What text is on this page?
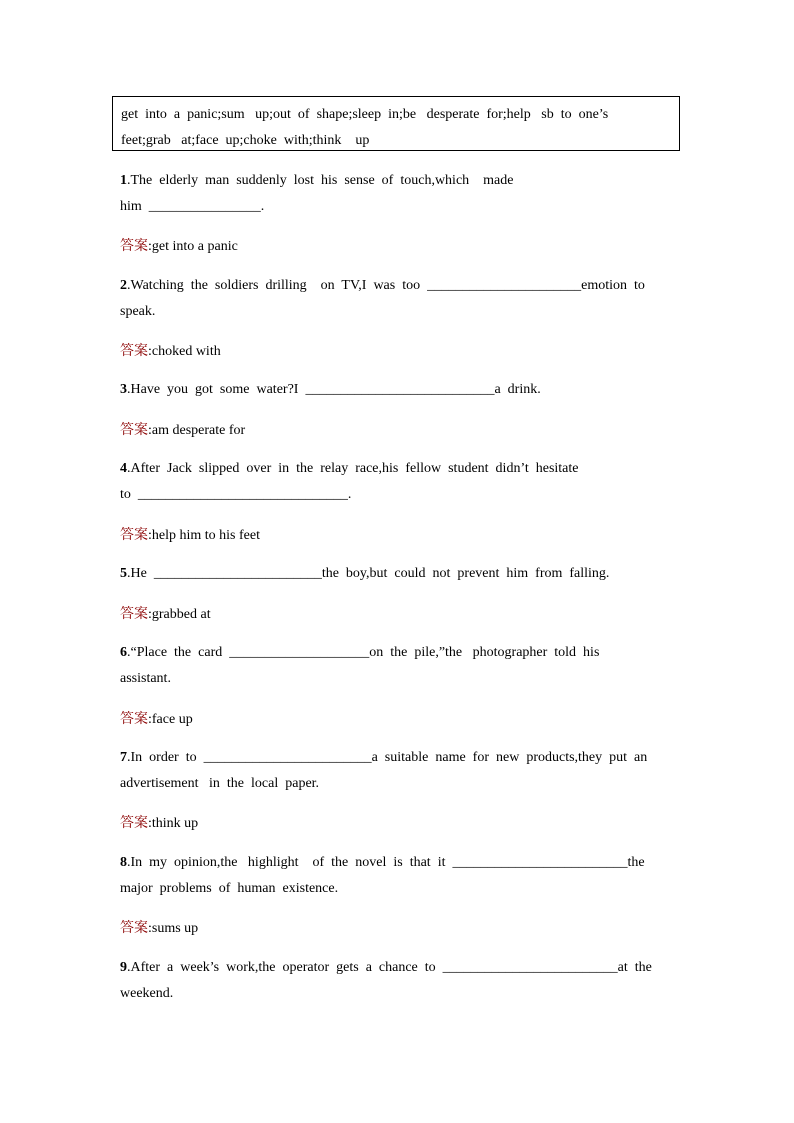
get  into  a  panic;sum   up;out  of  shape;sleep  in;be   desperate  for;help   sb  to  one’s
feet;grab   at;face  up;choke  with;think    up
1.The  elderly  man  suddenly  lost  his  sense  of  touch,which    made
him  ________________.
答案:get into a panic
2.Watching  the  soldiers  drilling    on  TV,I  was  too  ______________________emotion  to
speak.
答案:choked with
3.Have  you  got  some  water?I  ___________________________a  drink.
答案:am desperate for
4.After  Jack  slipped  over  in  the  relay  race,his  fellow  student  didn’t  hesitate
to  ______________________________.
答案:help him to his feet
5.He  ________________________the  boy,but  could  not  prevent  him  from  falling.
答案:grabbed at
6.“Place  the  card  ____________________on  the  pile,”the   photographer  told  his
assistant.
答案:face up
7.In  order  to  ________________________a  suitable  name  for  new  products,they  put  an
advertisement   in  the  local  paper.
答案:think up
8.In  my  opinion,the   highlight    of  the  novel  is  that  it  _________________________the
major  problems  of  human  existence.
答案:sums up
9.After  a  week’s  work,the  operator  gets  a  chance  to  _________________________at  the
weekend.
